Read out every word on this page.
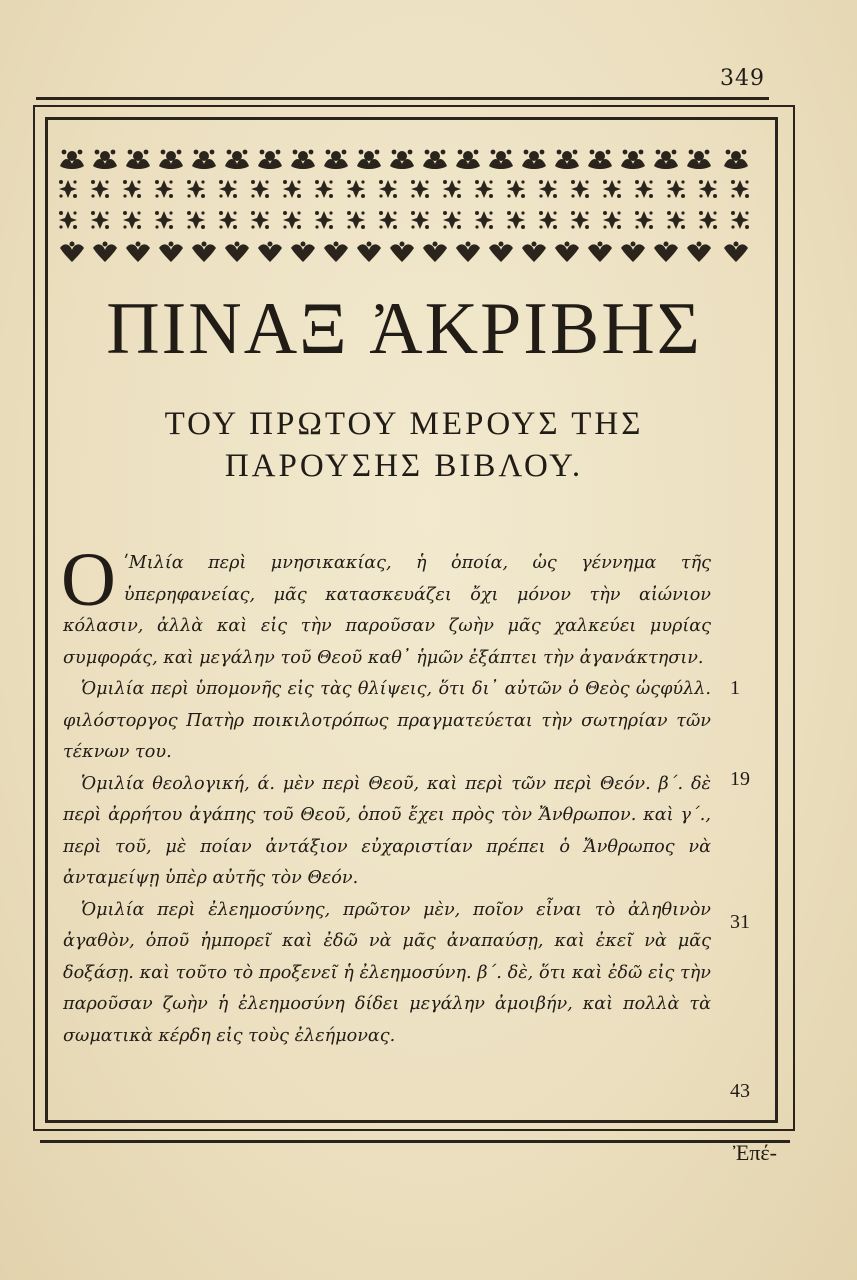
349
ΠΙΝΑΞ ἈΚΡΙΒΗΣ
ΤΟΥ ΠΡΩΤΟΥ ΜΕΡΟΥΣ ΤΗΣ
ΠΑΡΟΥΣΗΣ ΒΙΒΛΟΥ.

Ο ʹΜιλία περὶ μνησικακίας, ἡ ὁποία, ὡς γέννημα τῆς ὑπερηφανείας, μᾶς κατασκευάζει ὄχι μόνον τὴν αἰώνιον κόλασιν, ἀλλὰ καὶ εἰς τὴν παροῦσαν ζωὴν μᾶς χαλκεύει μυρίας συμφοράς, καὶ μεγάλην τοῦ Θεοῦ καθ᾽ ἡμῶν ἐξάπτει τὴν ἀγανάκτησιν.
φύλλ.

Ὁμιλία περὶ ὑπομονῆς εἰς τὰς θλίψεις, ὅτι δι᾽ αὐτῶν ὁ Θεὸς ὡς φιλόστοργος Πατὴρ ποικιλοτρόπως πραγματεύεται τὴν σωτηρίαν τῶν τέκνων του.

Ὁμιλία θεολογική, ά. μὲν περὶ Θεοῦ, καὶ περὶ τῶν περὶ Θεόν. β΄. δὲ περὶ ἀρρήτου ἀγάπης τοῦ Θεοῦ, ὁποῦ ἔχει πρὸς τὸν Ἄνθρωπον. καὶ γ΄., περὶ τοῦ, μὲ ποίαν ἀντάξιον εὐχαριστίαν πρέπει ὁ Ἄνθρωπος νὰ ἀνταμείψῃ ὑπὲρ αὐτῆς τὸν Θεόν.

Ὁμιλία περὶ ἐλεημοσύνης, πρῶτον μὲν, ποῖον εἶναι τὸ ἀληθινὸν ἀγαθὸν, ὁποῦ ἠμπορεῖ καὶ ἐδῶ νὰ μᾶς ἀναπαύσῃ, καὶ ἐκεῖ νὰ μᾶς δοξάσῃ. καὶ τοῦτο τὸ προξενεῖ ἡ ἐλεημοσύνη. β΄. δὲ, ὅτι καὶ ἐδῶ εἰς τὴν παροῦσαν ζωὴν ἡ ἐλεημοσύνη δίδει μεγάλην ἀμοιβήν, καὶ πολλὰ τὰ σωματικὰ κέρδη εἰς τοὺς ἐλεήμονας.

1
19
31
43
Ἐπέ-
